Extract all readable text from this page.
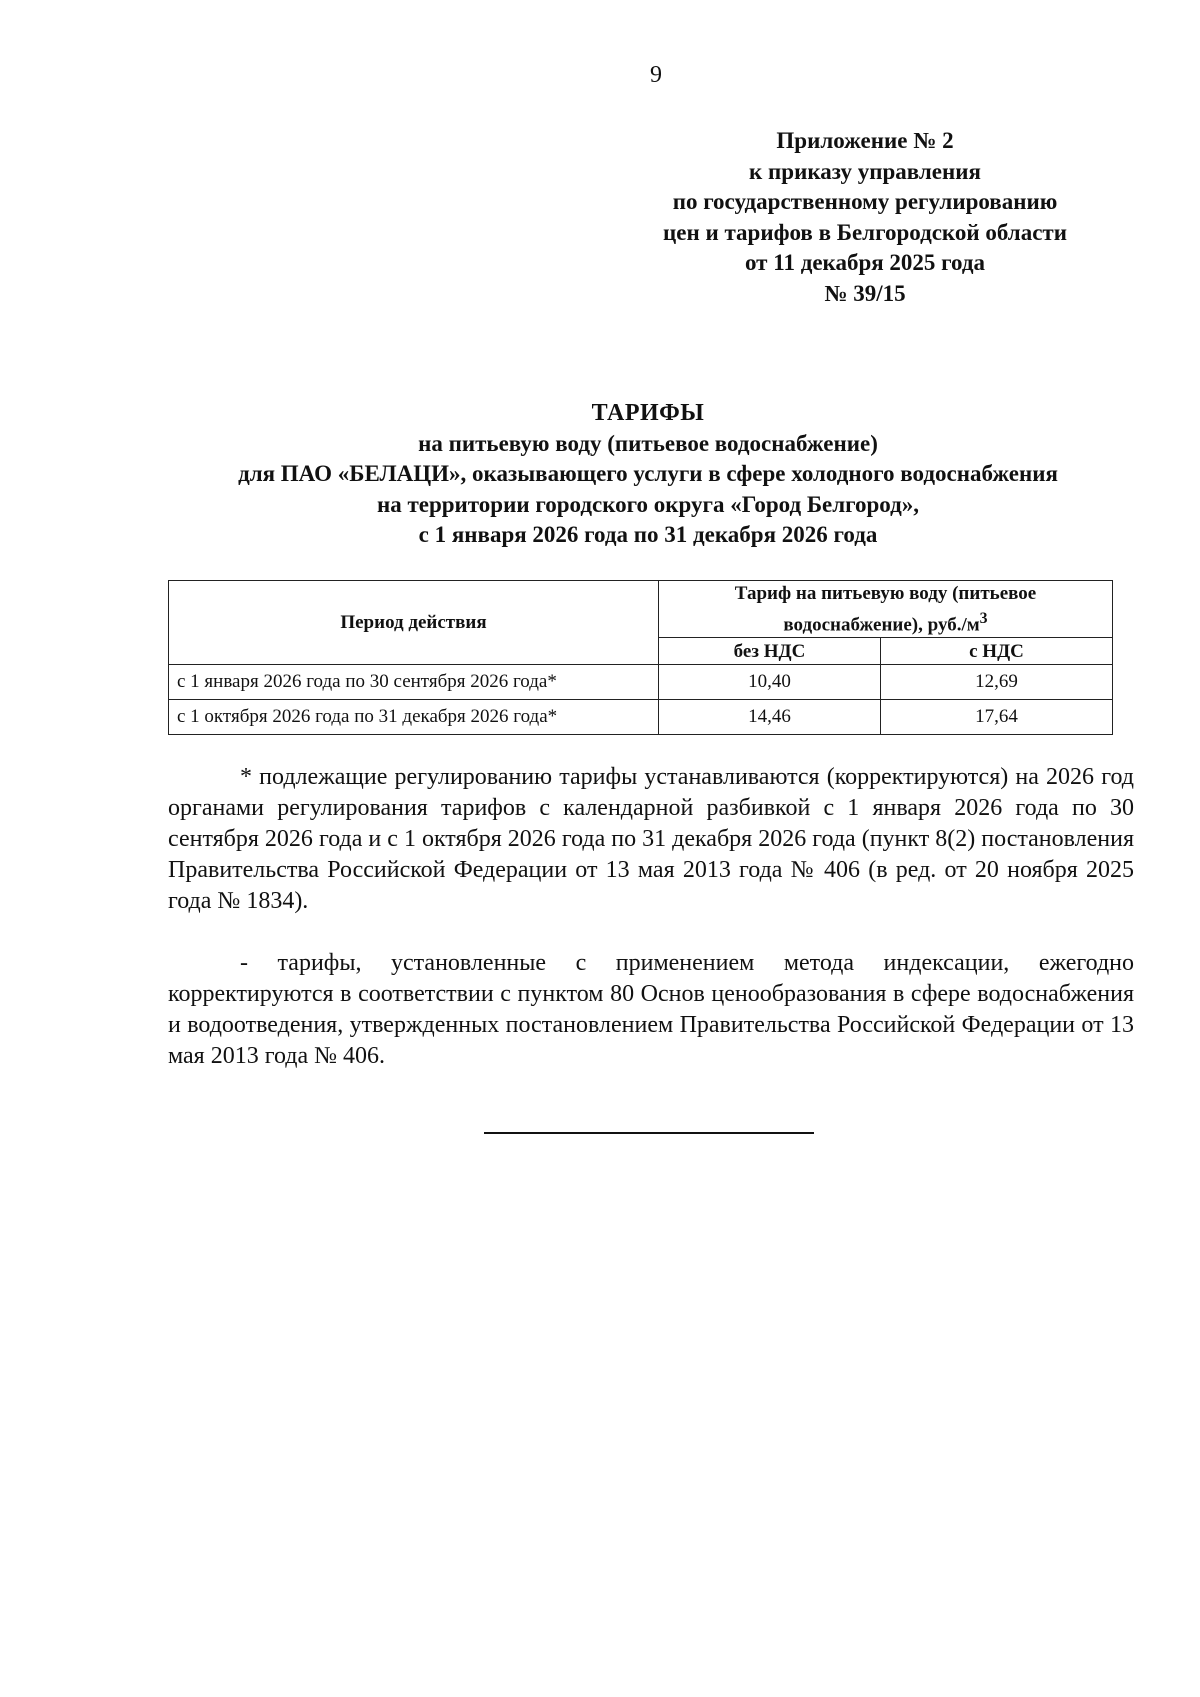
9
Приложение № 2
к приказу управления
по государственному регулированию
цен и тарифов в Белгородской области
от 11 декабря 2025 года
№ 39/15
ТАРИФЫ
на питьевую воду (питьевое водоснабжение)
для ПАО «БЕЛАЦИ», оказывающего услуги в сфере холодного водоснабжения
на территории городского округа «Город Белгород»,
с 1 января 2026 года по 31 декабря 2026 года
Период действия	Тариф на питьевую воду (питьевое водоснабжение), $руб./м^3$
	без НДС	с НДС
с 1 января 2026 года по 30 сентября 2026 года*	10,40	12,69
с 1 октября 2026 года по 31 декабря 2026 года*	14,46	17,64

* подлежащие регулированию тарифы устанавливаются (корректируются) на 2026 год органами регулирования тарифов с календарной разбивкой с 1 января 2026 года по 30 сентября 2026 года и с 1 октября 2026 года по 31 декабря 2026 года (пункт 8(2) постановления Правительства Российской Федерации от 13 мая 2013 года № 406 (в ред. от 20 ноября 2025 года № 1834).

- тарифы, установленные с применением метода индексации, ежегодно корректируются в соответствии с пунктом 80 Основ ценообразования в сфере водоснабжения и водоотведения, утвержденных постановлением Правительства Российской Федерации от 13 мая 2013 года № 406.
